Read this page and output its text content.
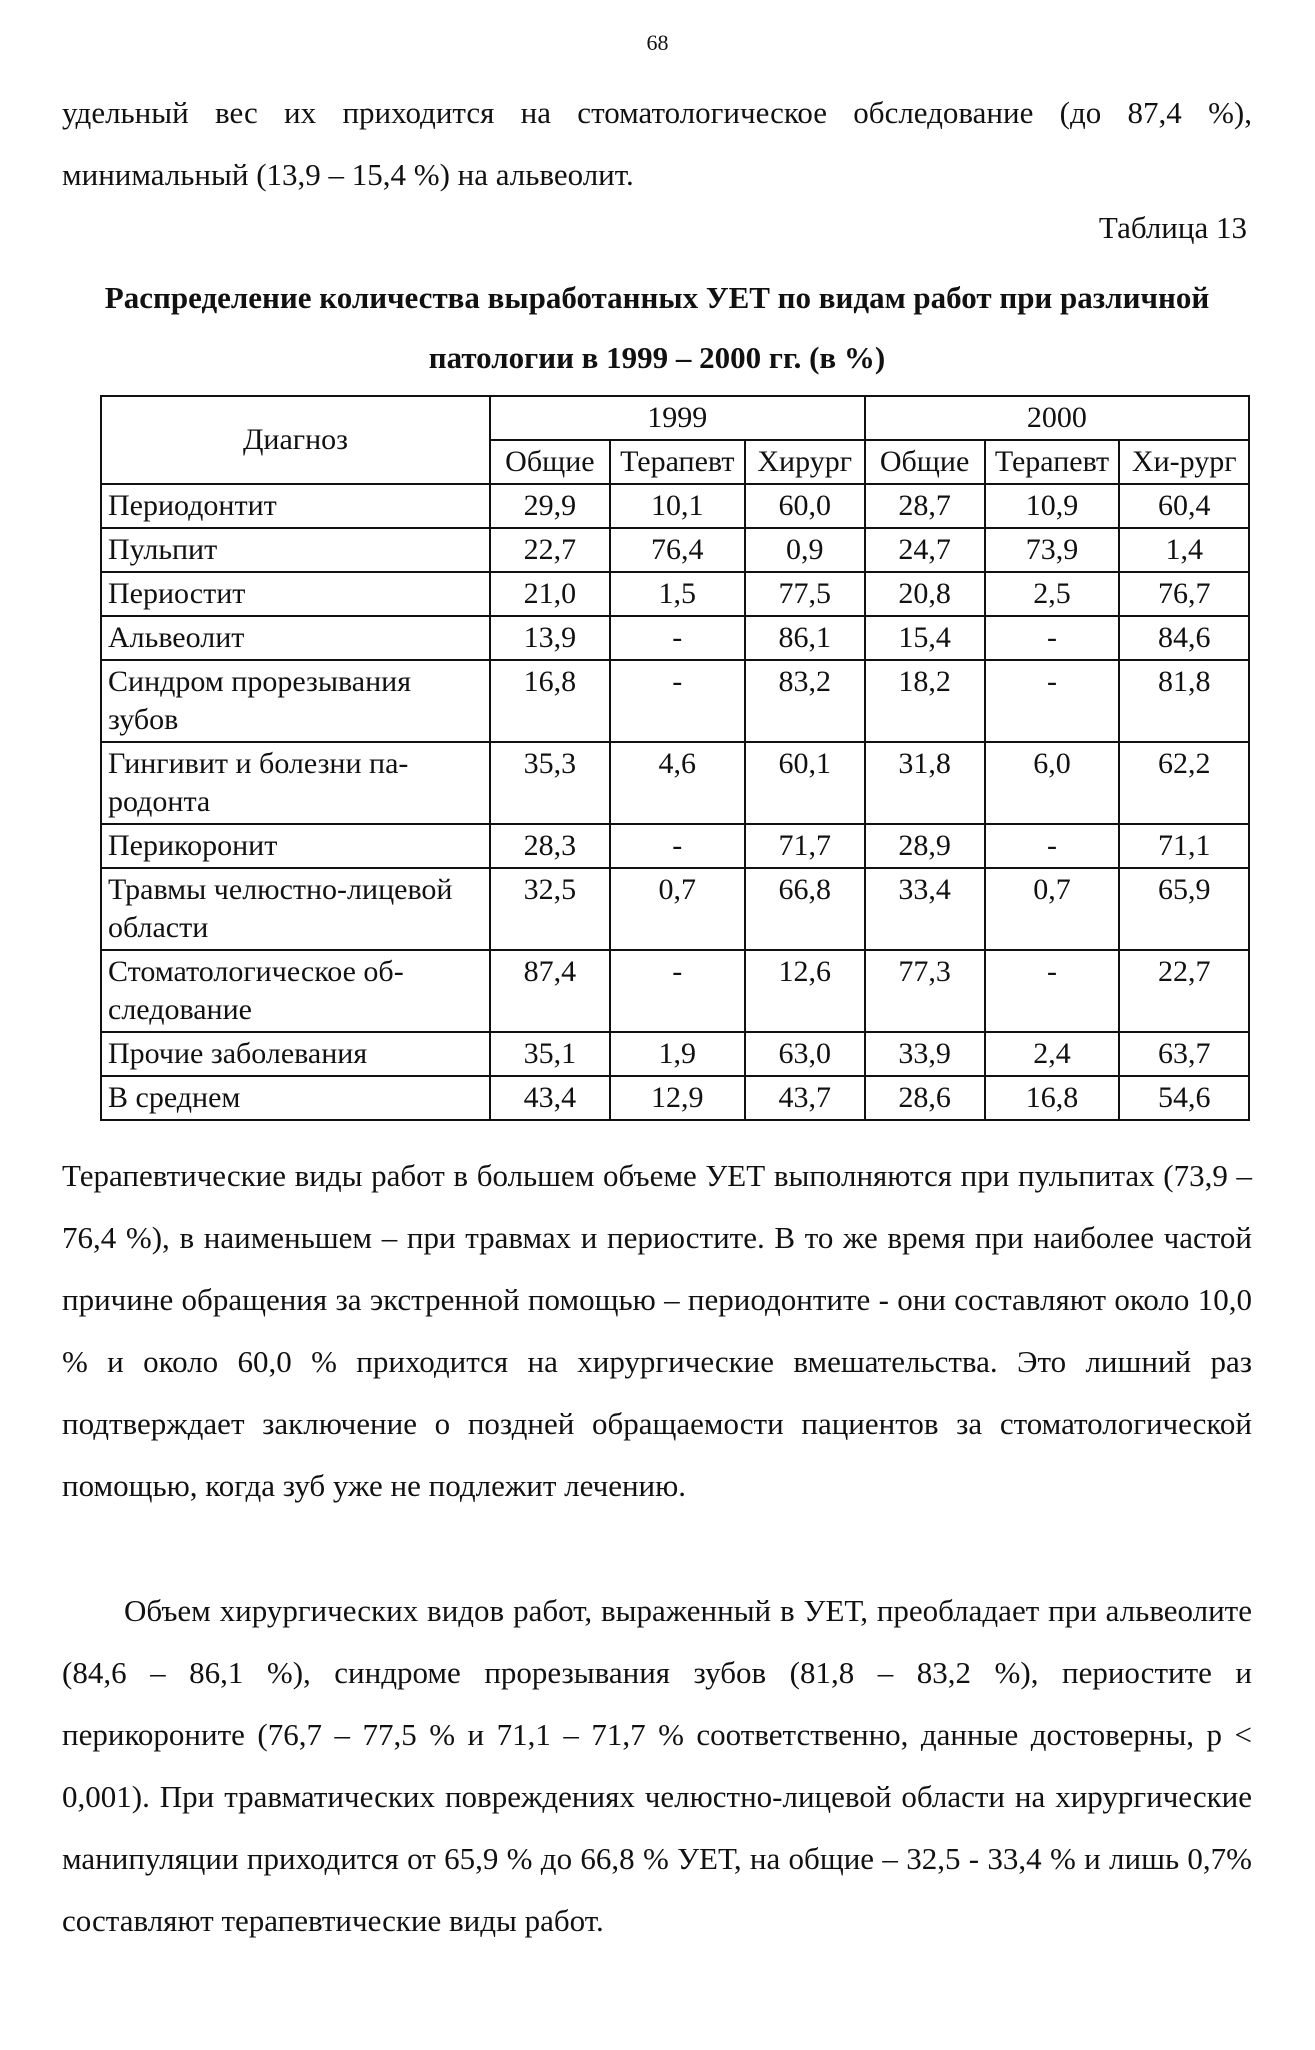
68
удельный вес их приходится на стоматологическое обследование (до 87,4 %), минимальный (13,9 – 15,4 %) на альвеолит.
Таблица 13
Распределение количества выработанных УЕТ по видам работ при различной патологии в 1999 – 2000 гг. (в %)
Диагноз	1999			2000		
	Общие	Терапевт	Хирург	Общие	Терапевт	Хи-рург
Периодонтит	29,9	10,1	60,0	28,7	10,9	60,4
Пульпит	22,7	76,4	0,9	24,7	73,9	1,4
Периостит	21,0	1,5	77,5	20,8	2,5	76,7
Альвеолит	13,9	-	86,1	15,4	-	84,6
Синдром прорезывания зубов	16,8	-	83,2	18,2	-	81,8
Гингивит и болезни па-родонта	35,3	4,6	60,1	31,8	6,0	62,2
Перикоронит	28,3	-	71,7	28,9	-	71,1
Травмы челюстно-лицевой области	32,5	0,7	66,8	33,4	0,7	65,9
Стоматологическое об-следование	87,4	-	12,6	77,3	-	22,7
Прочие заболевания	35,1	1,9	63,0	33,9	2,4	63,7
В среднем	43,4	12,9	43,7	28,6	16,8	54,6
Терапевтические виды работ в большем объеме УЕТ выполняются при пульпитах (73,9 – 76,4 %), в наименьшем – при травмах и периостите. В то же время при наиболее частой причине обращения за экстренной помощью – периодонтите - они составляют около 10,0 % и около 60,0 % приходится на хирургические вмешательства. Это лишний раз подтверждает заключение о поздней обращаемости пациентов за стоматологической помощью, когда зуб уже не подлежит лечению.
Объем хирургических видов работ, выраженный в УЕТ, преобладает при альвеолите (84,6 – 86,1 %), синдроме прорезывания зубов (81,8 – 83,2 %), периостите и перикороните (76,7 – 77,5 % и 71,1 – 71,7 % соответственно, данные достоверны, p < 0,001). При травматических повреждениях челюстно-лицевой области на хирургические манипуляции приходится от 65,9 % до 66,8 % УЕТ, на общие – 32,5 - 33,4 % и лишь 0,7% составляют терапевтические виды работ.
